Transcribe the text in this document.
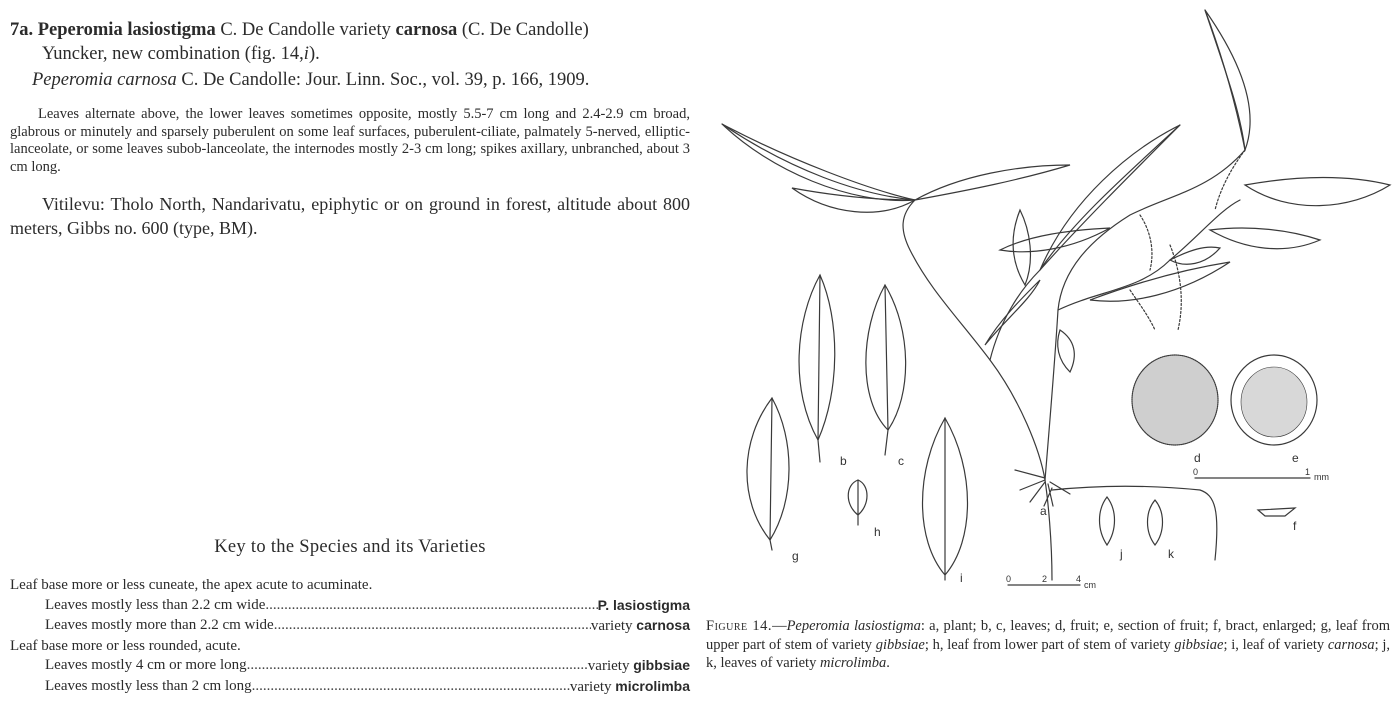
7a. Peperomia lasiostigma C. De Candolle variety carnosa (C. De Candolle)

Yuncker, new combination (fig. 14,i).

Peperomia carnosa C. De Candolle: Jour. Linn. Soc., vol. 39, p. 166, 1909.

Leaves alternate above, the lower leaves sometimes opposite, mostly 5.5-7 cm long and 2.4-2.9 cm broad, glabrous or minutely and sparsely puberulent on some leaf surfaces, puberulent-ciliate, palmately 5-nerved, elliptic-lanceolate, or some leaves subob-lanceolate, the internodes mostly 2-3 cm long; spikes axillary, unbranched, about 3 cm long.

Vitilevu: Tholo North, Nandarivatu, epiphytic or on ground in forest, altitude about 800 meters, Gibbs no. 600 (type, BM).

Key to the Species and its Varieties
Leaf base more or less cuneate, the apex acute to acuminate.
Leaves mostly less than 2.2 cm wide .....	P. lasiostigma
Leaves mostly more than 2.2 cm wide .....	variety carnosa
Leaf base more or less rounded, acute.
Leaves mostly 4 cm or more long .....	variety gibbsiae
Leaves mostly less than 2 cm long .....	variety microlimba
a
b	c	d	e
f
g
h
i
j	k
0	1 mm
0	2	4
cm
Figure 14.—Peperomia lasiostigma: a, plant; b, c, leaves; d, fruit; e, section of fruit; f, bract, enlarged; g, leaf from upper part of stem of variety gibbsiae; h, leaf from lower part of stem of variety gibbsiae; i, leaf of variety carnosa; j, k, leaves of variety microlimba.
